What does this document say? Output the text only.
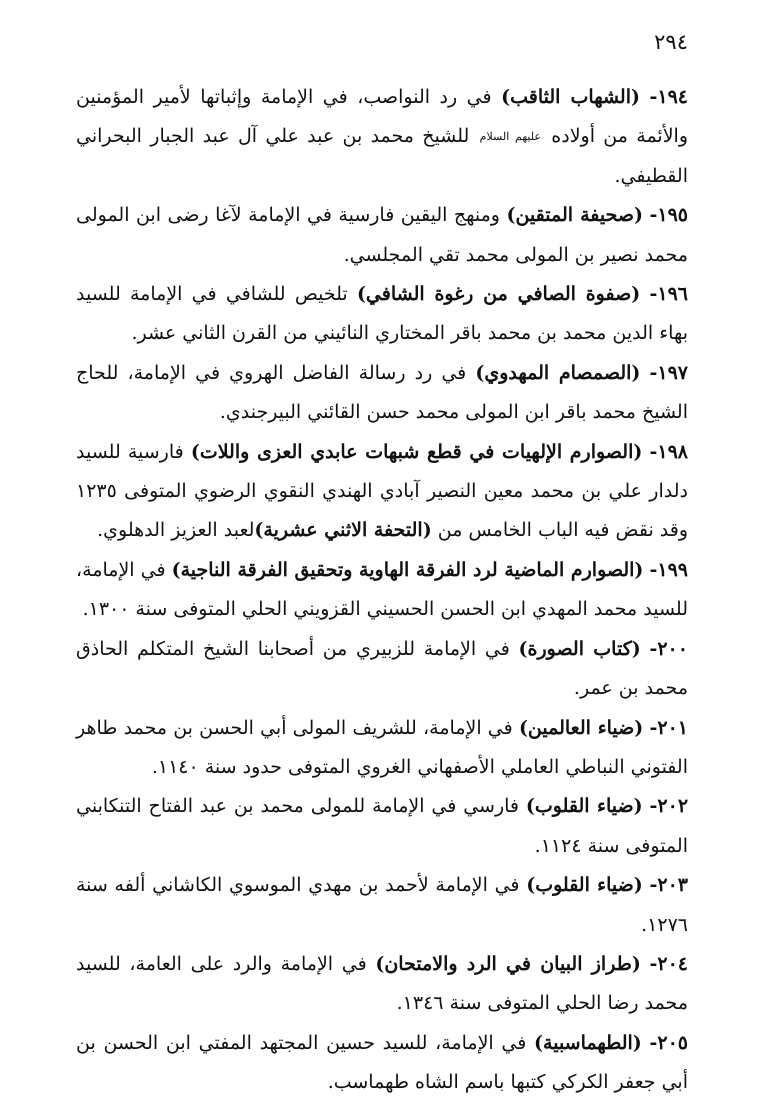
٢٩٤

١٩٤- (الشهاب الثاقب) في رد النواصب، في الإمامة وإثباتها لأمير المؤمنين والأئمة من أولاده عليهم السلام للشيخ محمد بن عبد علي آل عبد الجبار البحراني القطيفي.

١٩٥- (صحيفة المتقين) ومنهج اليقين فارسية في الإمامة لآغا رضى ابن المولى محمد نصير بن المولى محمد تقي المجلسي.

١٩٦- (صفوة الصافي من رغوة الشافي) تلخيص للشافي في الإمامة للسيد بهاء الدين محمد بن محمد باقر المختاري النائيني من القرن الثاني عشر.

١٩٧- (الصمصام المهدوي) في رد رسالة الفاضل الهروي في الإمامة، للحاج الشيخ محمد باقر ابن المولى محمد حسن القائني البيرجندي.

١٩٨- (الصوارم الإلهيات في قطع شبهات عابدي العزى واللات) فارسية للسيد دلدار علي بن محمد معين النصير آبادي الهندي النقوي الرضوي المتوفى ١٢٣٥ وقد نقض فيه الباب الخامس من (التحفة الاثني عشرية)لعبد العزيز الدهلوي.

١٩٩- (الصوارم الماضية لرد الفرقة الهاوية وتحقيق الفرقة الناجية) في الإمامة، للسيد محمد المهدي ابن الحسن الحسيني القزويني الحلي المتوفى سنة ١٣٠٠.

٢٠٠- (كتاب الصورة) في الإمامة للزبيري من أصحابنا الشيخ المتكلم الحاذق محمد بن عمر.

٢٠١- (ضياء العالمين) في الإمامة، للشريف المولى أبي الحسن بن محمد طاهر الفتوني النباطي العاملي الأصفهاني الغروي المتوفى حدود سنة ١١٤٠.

٢٠٢- (ضياء القلوب) فارسي في الإمامة للمولى محمد بن عبد الفتاح التنكابني المتوفى سنة ١١٢٤.

٢٠٣- (ضياء القلوب) في الإمامة لأحمد بن مهدي الموسوي الكاشاني ألفه سنة ١٢٧٦.

٢٠٤- (طراز البيان في الرد والامتحان) في الإمامة والرد على العامة، للسيد محمد رضا الحلي المتوفى سنة ١٣٤٦.

٢٠٥- (الطهماسبية) في الإمامة، للسيد حسين المجتهد المفتي ابن الحسن بن أبي جعفر الكركي كتبها باسم الشاه طهماسب.
